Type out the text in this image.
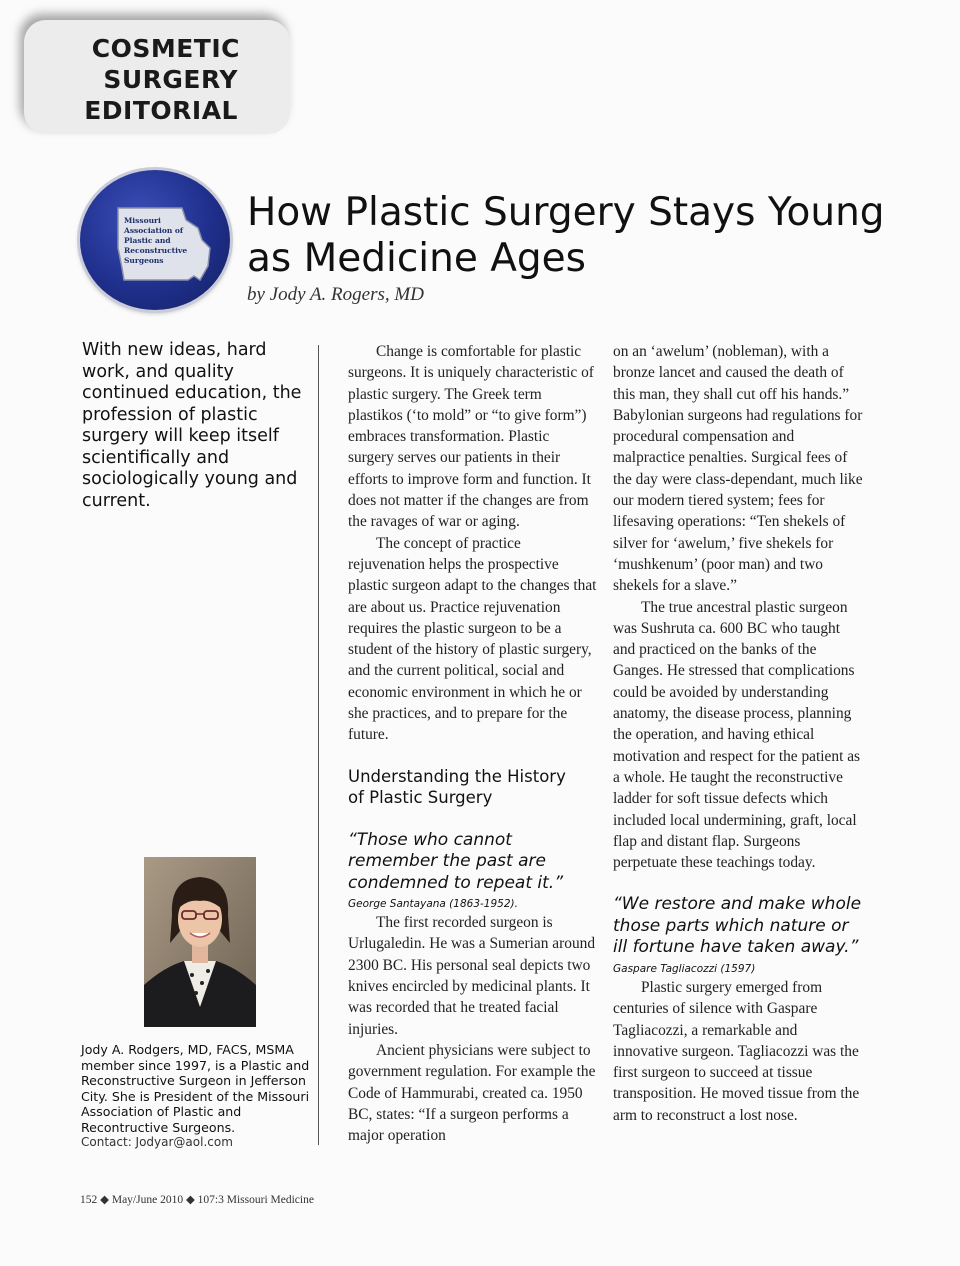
COSMETIC
SURGERY
EDITORIAL
Missouri
Association of
Plastic and
Reconstructive
Surgeons
How Plastic Surgery Stays Young
as Medicine Ages
by Jody A. Rogers, MD
With new ideas, hard work, and quality continued education, the profession of plastic surgery will keep itself scientifically and sociologically young and current.
Jody A. Rodgers, MD, FACS, MSMA member since 1997, is a Plastic and Reconstructive Surgeon in Jefferson City. She is President of the Missouri Association of Plastic and Recontructive Surgeons.
Contact: Jodyar@aol.com

Change is comfortable for plastic surgeons. It is uniquely characteristic of plastic surgery. The Greek term plastikos (‘to mold” or “to give form”) embraces transformation. Plastic surgery serves our patients in their efforts to improve form and function. It does not matter if the changes are from the ravages of war or aging.

The concept of practice rejuvenation helps the prospective plastic surgeon adapt to the changes that are about us. Practice rejuvenation requires the plastic surgeon to be a student of the history of plastic surgery, and the current political, social and economic environment in which he or she practices, and to prepare for the future.

Understanding the History
of Plastic Surgery
“Those who cannot remember the past are condemned to repeat it.”
George Santayana (1863-1952).

The first recorded surgeon is Urlugaledin. He was a Sumerian around 2300 BC. His personal seal depicts two knives encircled by medicinal plants. It was recorded that he treated facial injuries.

Ancient physicians were subject to government regulation. For example the Code of Hammurabi, created ca. 1950 BC, states: “If a surgeon performs a major operation

on an ‘awelum’ (nobleman), with a bronze lancet and caused the death of this man, they shall cut off his hands.” Babylonian surgeons had regulations for procedural compensation and malpractice penalties. Surgical fees of the day were class-dependant, much like our modern tiered system; fees for lifesaving operations: “Ten shekels of silver for ‘awelum,’ five shekels for ‘mushkenum’ (poor man) and two shekels for a slave.”

The true ancestral plastic surgeon was Sushruta ca. 600 BC who taught and practiced on the banks of the Ganges. He stressed that complications could be avoided by understanding anatomy, the disease process, planning the operation, and having ethical motivation and respect for the patient as a whole. He taught the reconstructive ladder for soft tissue defects which included local undermining, graft, local flap and distant flap. Surgeons perpetuate these teachings today.

“We restore and make whole those parts which nature or ill fortune have taken away.”
Gaspare Tagliacozzi (1597)

Plastic surgery emerged from centuries of silence with Gaspare Tagliacozzi, a remarkable and innovative surgeon. Tagliacozzi was the first surgeon to succeed at tissue transposition. He moved tissue from the arm to reconstruct a lost nose.

152 ◆ May/June 2010 ◆ 107:3 Missouri Medicine
